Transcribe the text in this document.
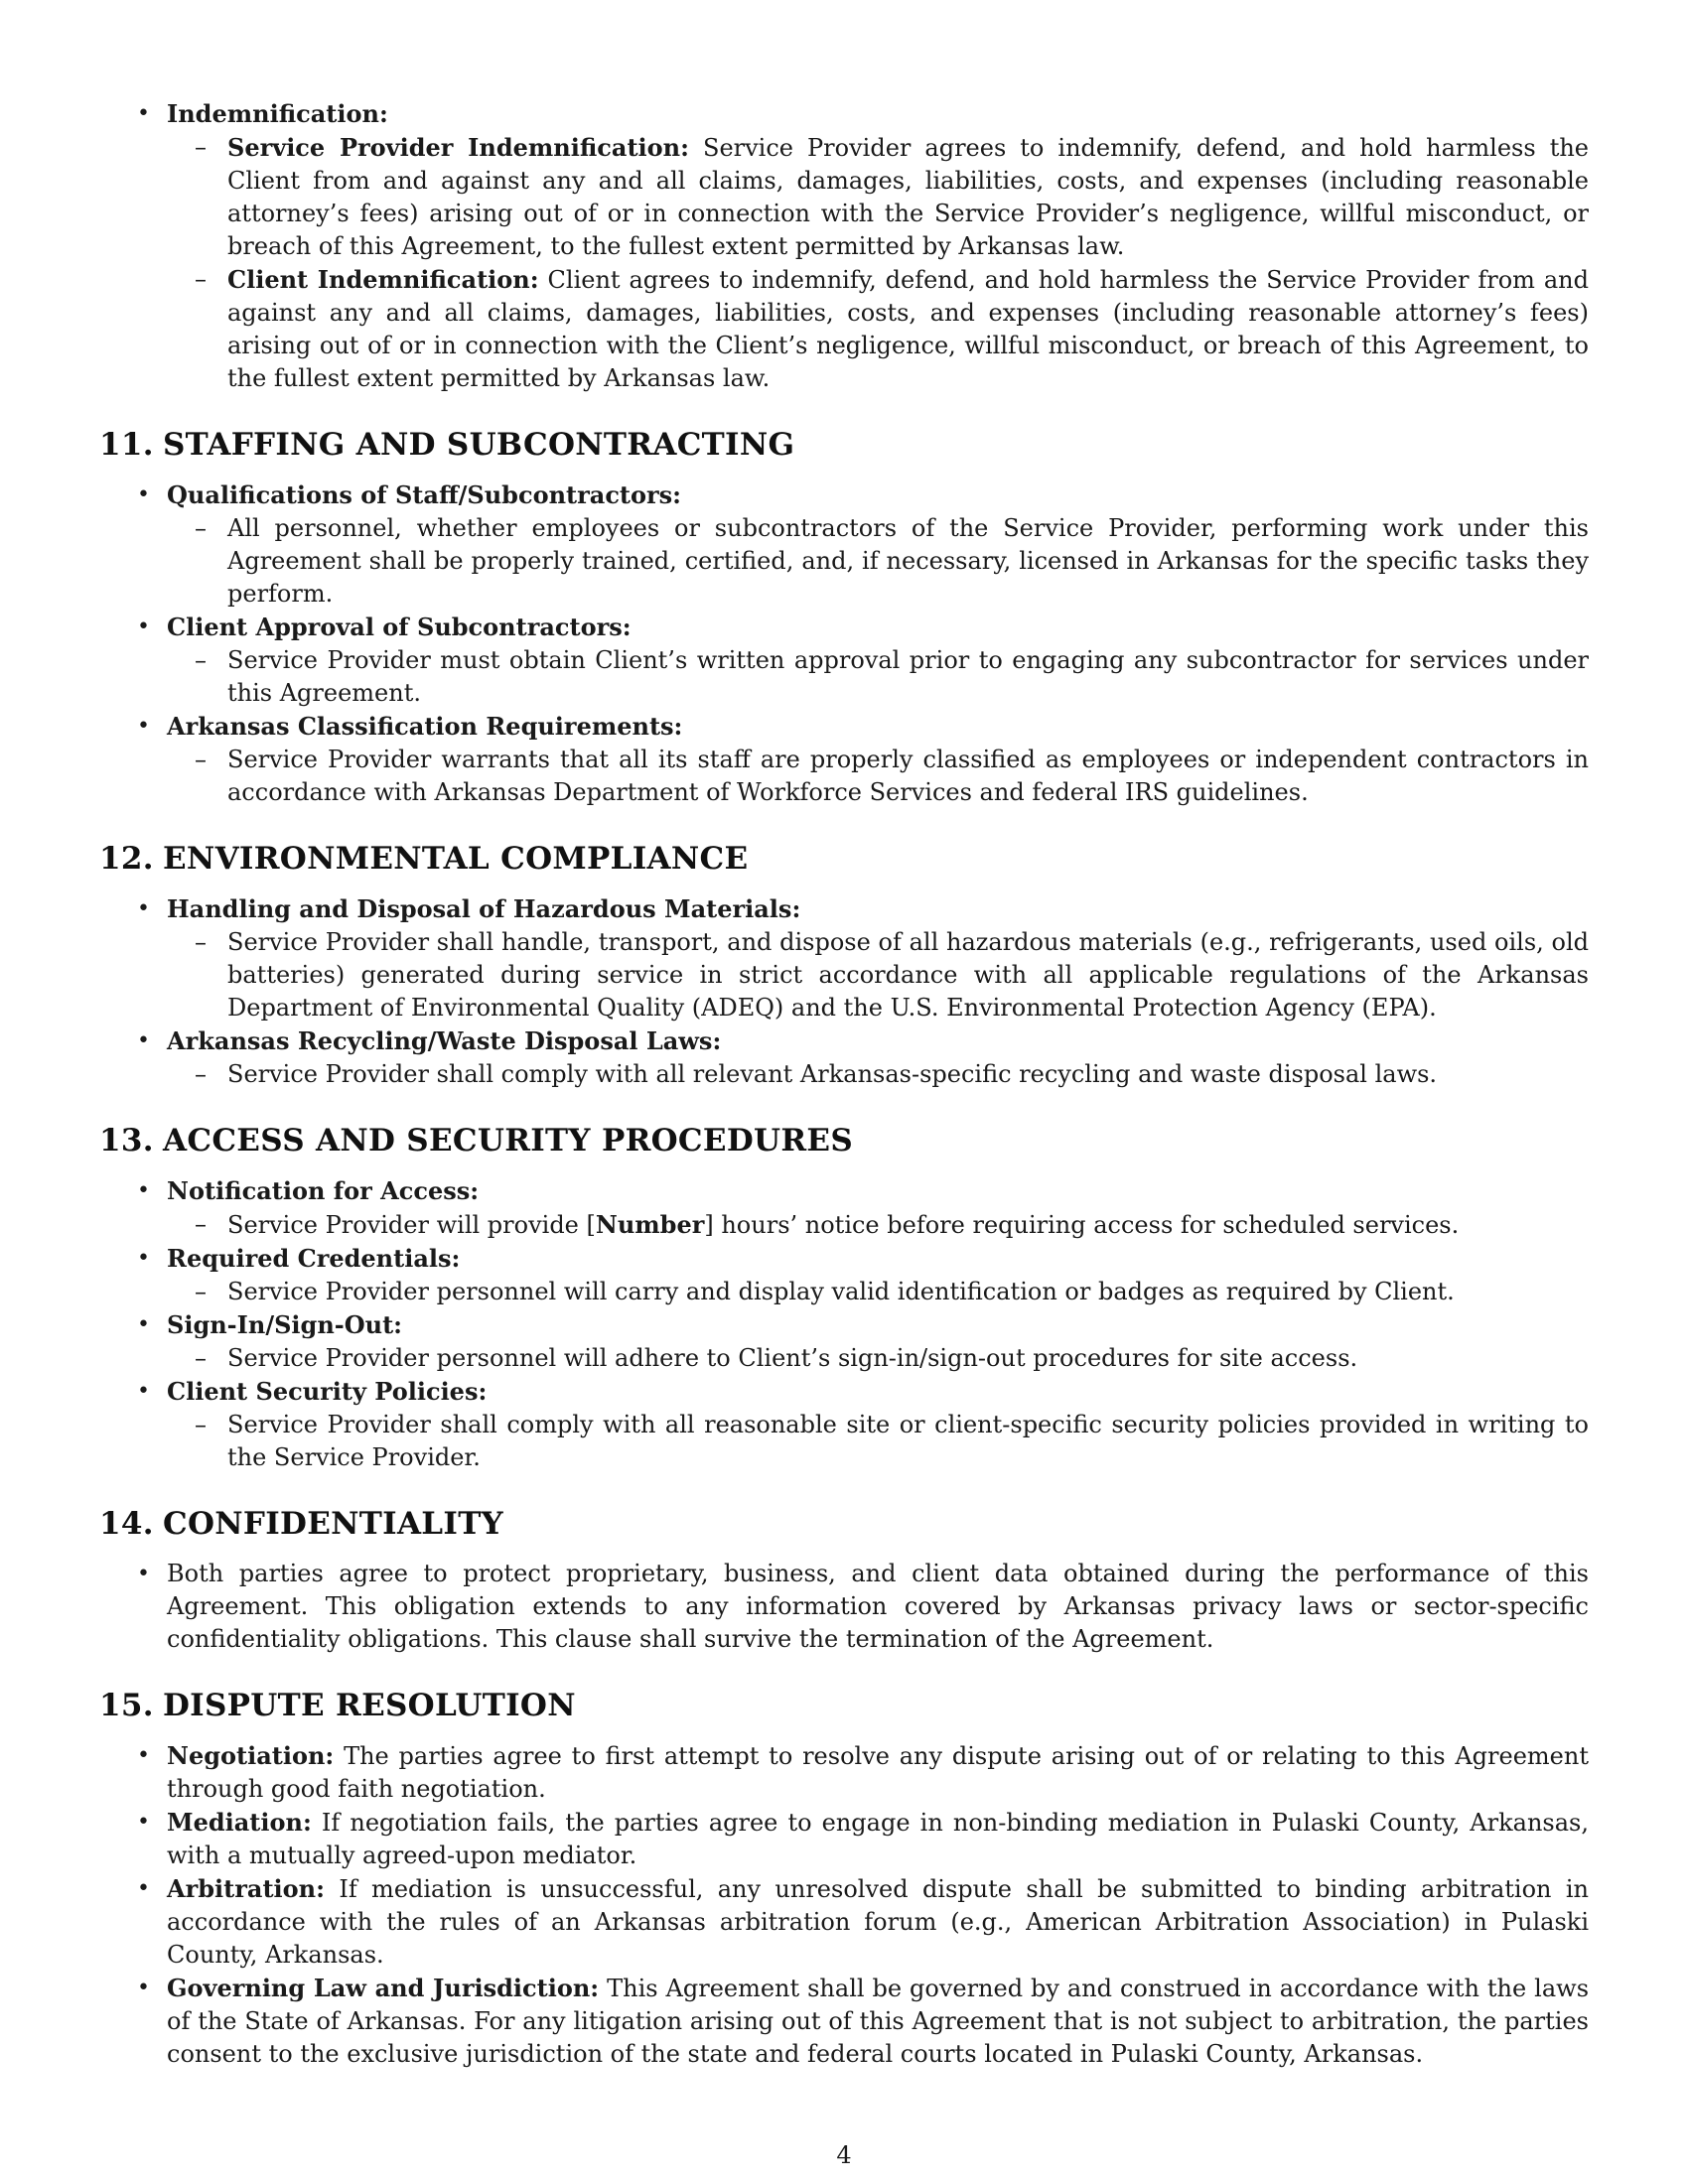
• Indemnification:
– Service Provider Indemnification: Service Provider agrees to indemnify, defend, and hold harmless the Client from and against any and all claims, damages, liabilities, costs, and expenses (including reasonable attorney’s fees) arising out of or in connection with the Service Provider’s negligence, willful misconduct, or breach of this Agreement, to the fullest extent permitted by Arkansas law.
– Client Indemnification: Client agrees to indemnify, defend, and hold harmless the Service Provider from and against any and all claims, damages, liabilities, costs, and expenses (including reasonable attorney’s fees) arising out of or in connection with the Client’s negligence, willful misconduct, or breach of this Agreement, to the fullest extent permitted by Arkansas law.
11. STAFFING AND SUBCONTRACTING
• Qualifications of Staff/Subcontractors:
– All personnel, whether employees or subcontractors of the Service Provider, performing work under this Agreement shall be properly trained, certified, and, if necessary, licensed in Arkansas for the specific tasks they perform.
• Client Approval of Subcontractors:
– Service Provider must obtain Client’s written approval prior to engaging any subcontractor for services under this Agreement.
• Arkansas Classification Requirements:
– Service Provider warrants that all its staff are properly classified as employees or independent contractors in accordance with Arkansas Department of Workforce Services and federal IRS guidelines.
12. ENVIRONMENTAL COMPLIANCE
• Handling and Disposal of Hazardous Materials:
– Service Provider shall handle, transport, and dispose of all hazardous materials (e.g., refrigerants, used oils, old batteries) generated during service in strict accordance with all applicable regulations of the Arkansas Department of Environmental Quality (ADEQ) and the U.S. Environmental Protection Agency (EPA).
• Arkansas Recycling/Waste Disposal Laws:
– Service Provider shall comply with all relevant Arkansas-specific recycling and waste disposal laws.
13. ACCESS AND SECURITY PROCEDURES
• Notification for Access:
– Service Provider will provide [Number] hours’ notice before requiring access for scheduled services.
• Required Credentials:
– Service Provider personnel will carry and display valid identification or badges as required by Client.
• Sign-In/Sign-Out:
– Service Provider personnel will adhere to Client’s sign-in/sign-out procedures for site access.
• Client Security Policies:
– Service Provider shall comply with all reasonable site or client-specific security policies provided in writing to the Service Provider.
14. CONFIDENTIALITY
• Both parties agree to protect proprietary, business, and client data obtained during the performance of this Agreement. This obligation extends to any information covered by Arkansas privacy laws or sector-specific confidentiality obligations. This clause shall survive the termination of the Agreement.
15. DISPUTE RESOLUTION
• Negotiation: The parties agree to first attempt to resolve any dispute arising out of or relating to this Agreement through good faith negotiation.
• Mediation: If negotiation fails, the parties agree to engage in non-binding mediation in Pulaski County, Arkansas, with a mutually agreed-upon mediator.
• Arbitration: If mediation is unsuccessful, any unresolved dispute shall be submitted to binding arbitration in accordance with the rules of an Arkansas arbitration forum (e.g., American Arbitration Association) in Pulaski County, Arkansas.
• Governing Law and Jurisdiction: This Agreement shall be governed by and construed in accordance with the laws of the State of Arkansas. For any litigation arising out of this Agreement that is not subject to arbitration, the parties consent to the exclusive jurisdiction of the state and federal courts located in Pulaski County, Arkansas.
4
